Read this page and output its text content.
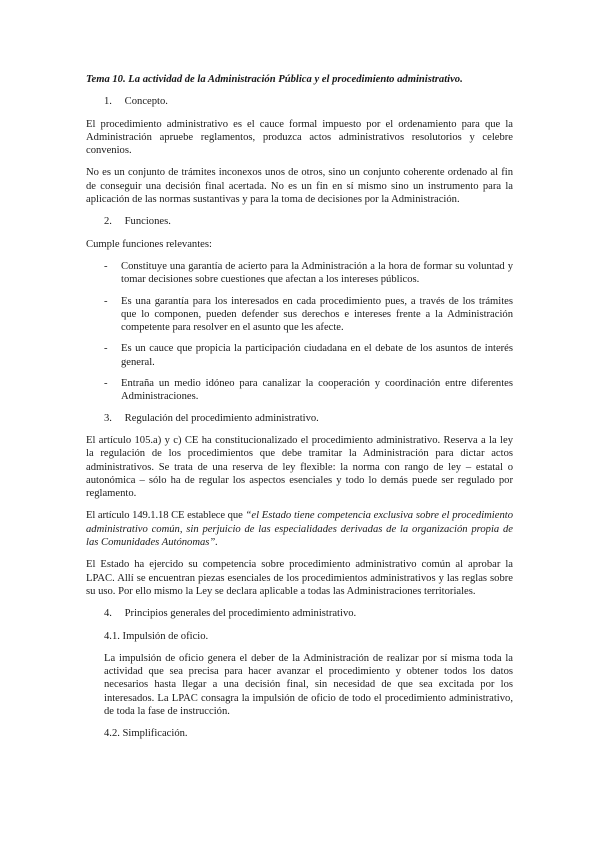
Tema 10. La actividad de la Administración Pública y el procedimiento administrativo.

1. Concepto.

El procedimiento administrativo es el cauce formal impuesto por el ordenamiento para que la Administración apruebe reglamentos, produzca actos administrativos resolutorios y celebre convenios.

No es un conjunto de trámites inconexos unos de otros, sino un conjunto coherente ordenado al fin de conseguir una decisión final acertada. No es un fin en sí mismo sino un instrumento para la aplicación de las normas sustantivas y para la toma de decisiones por la Administración.

2. Funciones.

Cumple funciones relevantes:

- Constituye una garantía de acierto para la Administración a la hora de formar su voluntad y tomar decisiones sobre cuestiones que afectan a los intereses públicos.

- Es una garantía para los interesados en cada procedimiento pues, a través de los trámites que lo componen, pueden defender sus derechos e intereses frente a la Administración competente para resolver en el asunto que les afecte.

- Es un cauce que propicia la participación ciudadana en el debate de los asuntos de interés general.

- Entraña un medio idóneo para canalizar la cooperación y coordinación entre diferentes Administraciones.

3. Regulación del procedimiento administrativo.

El artículo 105.a) y c) CE ha constitucionalizado el procedimiento administrativo. Reserva a la ley la regulación de los procedimientos que debe tramitar la Administración para dictar actos administrativos. Se trata de una reserva de ley flexible: la norma con rango de ley – estatal o autonómica – sólo ha de regular los aspectos esenciales y todo lo demás puede ser regulado por reglamento.

El artículo 149.1.18 CE establece que “el Estado tiene competencia exclusiva sobre el procedimiento administrativo común, sin perjuicio de las especialidades derivadas de la organización propia de las Comunidades Autónomas”.

El Estado ha ejercido su competencia sobre procedimiento administrativo común al aprobar la LPAC. Allí se encuentran piezas esenciales de los procedimientos administrativos y las reglas sobre su uso. Por ello mismo la Ley se declara aplicable a todas las Administraciones territoriales.

4. Principios generales del procedimiento administrativo.

4.1. Impulsión de oficio.

La impulsión de oficio genera el deber de la Administración de realizar por sí misma toda la actividad que sea precisa para hacer avanzar el procedimiento y obtener todos los datos necesarios hasta llegar a una decisión final, sin necesidad de que sea excitada por los interesados. La LPAC consagra la impulsión de oficio de todo el procedimiento administrativo, de toda la fase de instrucción.

4.2. Simplificación.
